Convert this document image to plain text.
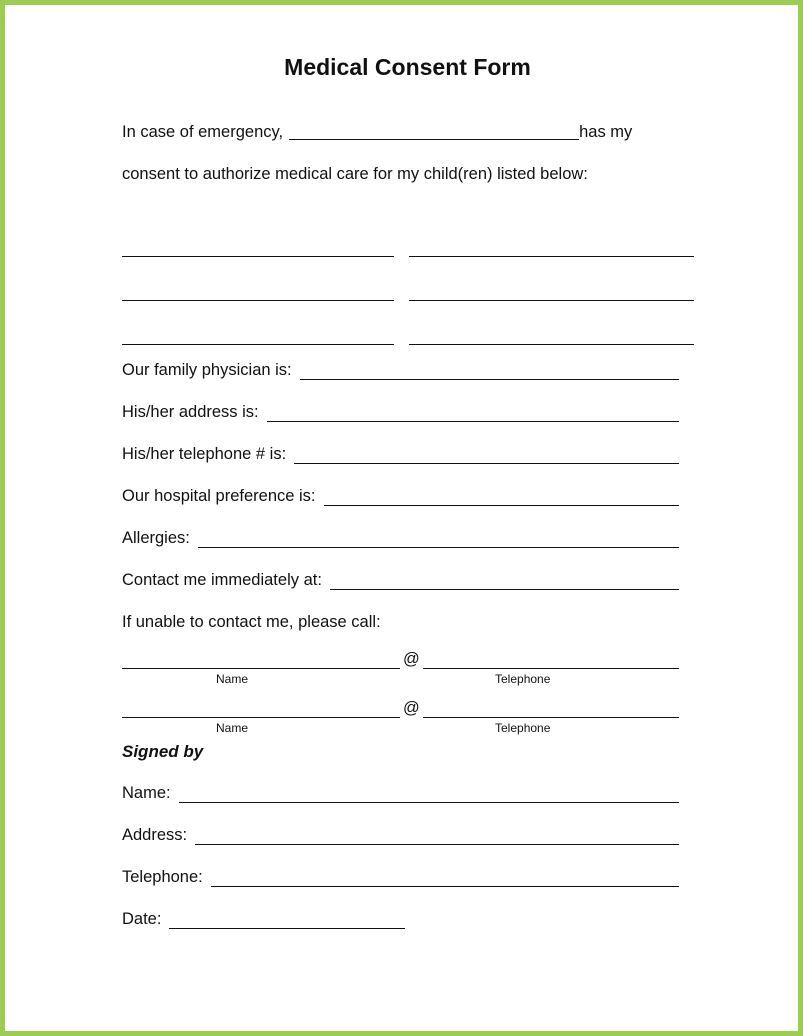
Medical Consent Form

In case of emergency,	has my
consent to authorize medical care for my child(ren) listed below:

Our family physician is:
His/her address is:
His/her telephone # is:
Our hospital preference is:
Allergies:
Contact me immediately at:
If unable to contact me, please call:
@
Name	Telephone
@
Name	Telephone

Signed by

Name:
Address:
Telephone:
Date:
